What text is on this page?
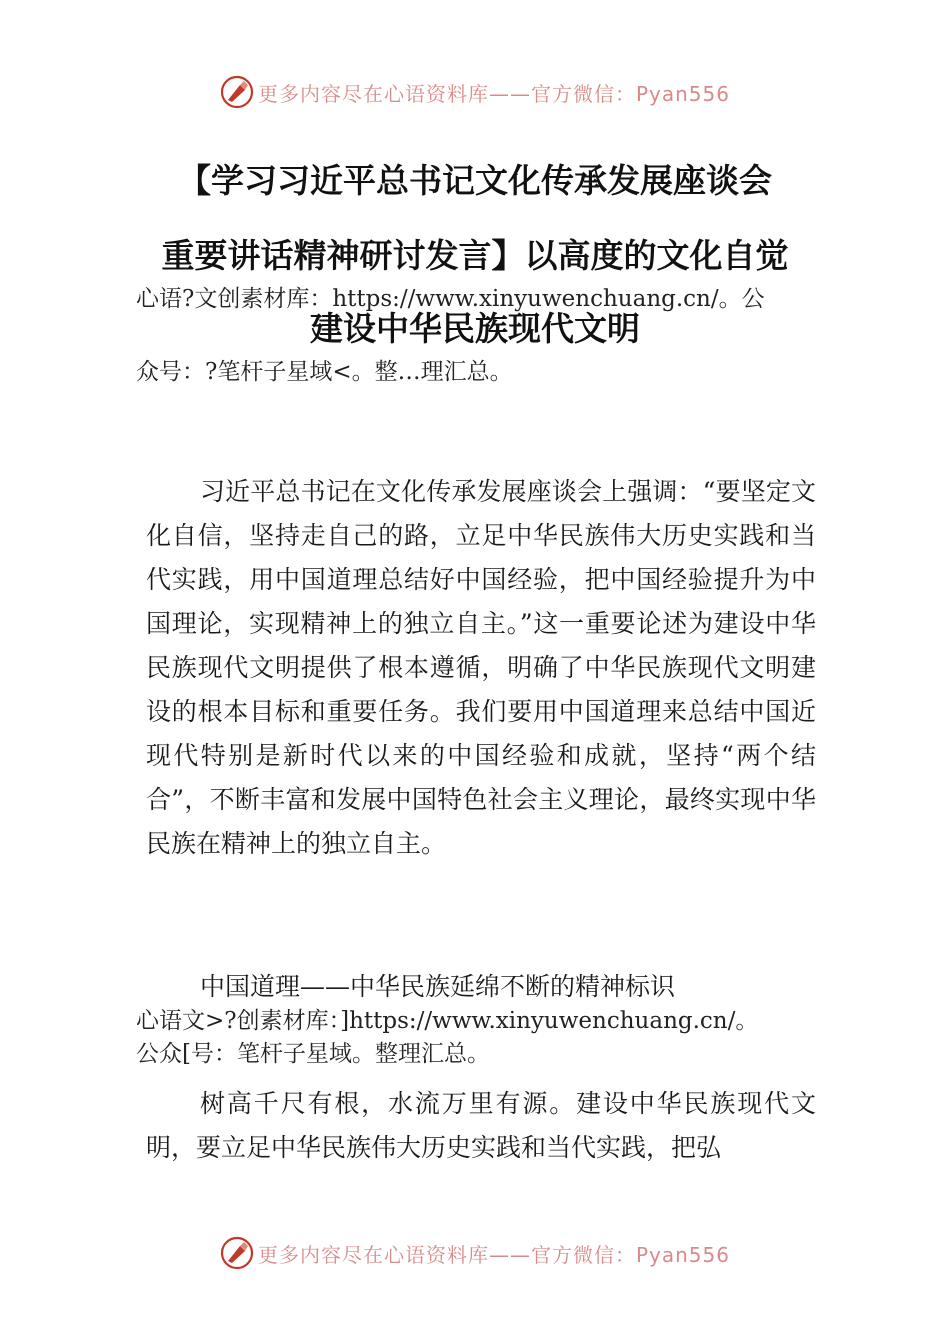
更多内容尽在心语资料库——官方微信：Pyan556
【学习习近平总书记文化传承发展座谈会
重要讲话精神研讨发言】以高度的文化自觉
心语?文创素材库：https://www.xinyuwenchuang.cn/。公
建设中华民族现代文明
众号：?笔杆子星域<。整…理汇总。

习近平总书记在文化传承发展座谈会上强调：“要坚定文化自信，坚持走自己的路，立足中华民族伟大历史实践和当代实践，用中国道理总结好中国经验，把中国经验提升为中国理论，实现精神上的独立自主。”这一重要论述为建设中华民族现代文明提供了根本遵循，明确了中华民族现代文明建设的根本目标和重要任务。我们要用中国道理来总结中国近现代特别是新时代以来的中国经验和成就，坚持“两个结合”，不断丰富和发展中国特色社会主义理论，最终实现中华民族在精神上的独立自主。

中国道理——中华民族延绵不断的精神标识
心语文>?创素材库：]https://www.xinyuwenchuang.cn/。
公众[号：笔杆子星域。整理汇总。

树高千尺有根，水流万里有源。建设中华民族现代文明，要立足中华民族伟大历史实践和当代实践，把弘

更多内容尽在心语资料库——官方微信：Pyan556
